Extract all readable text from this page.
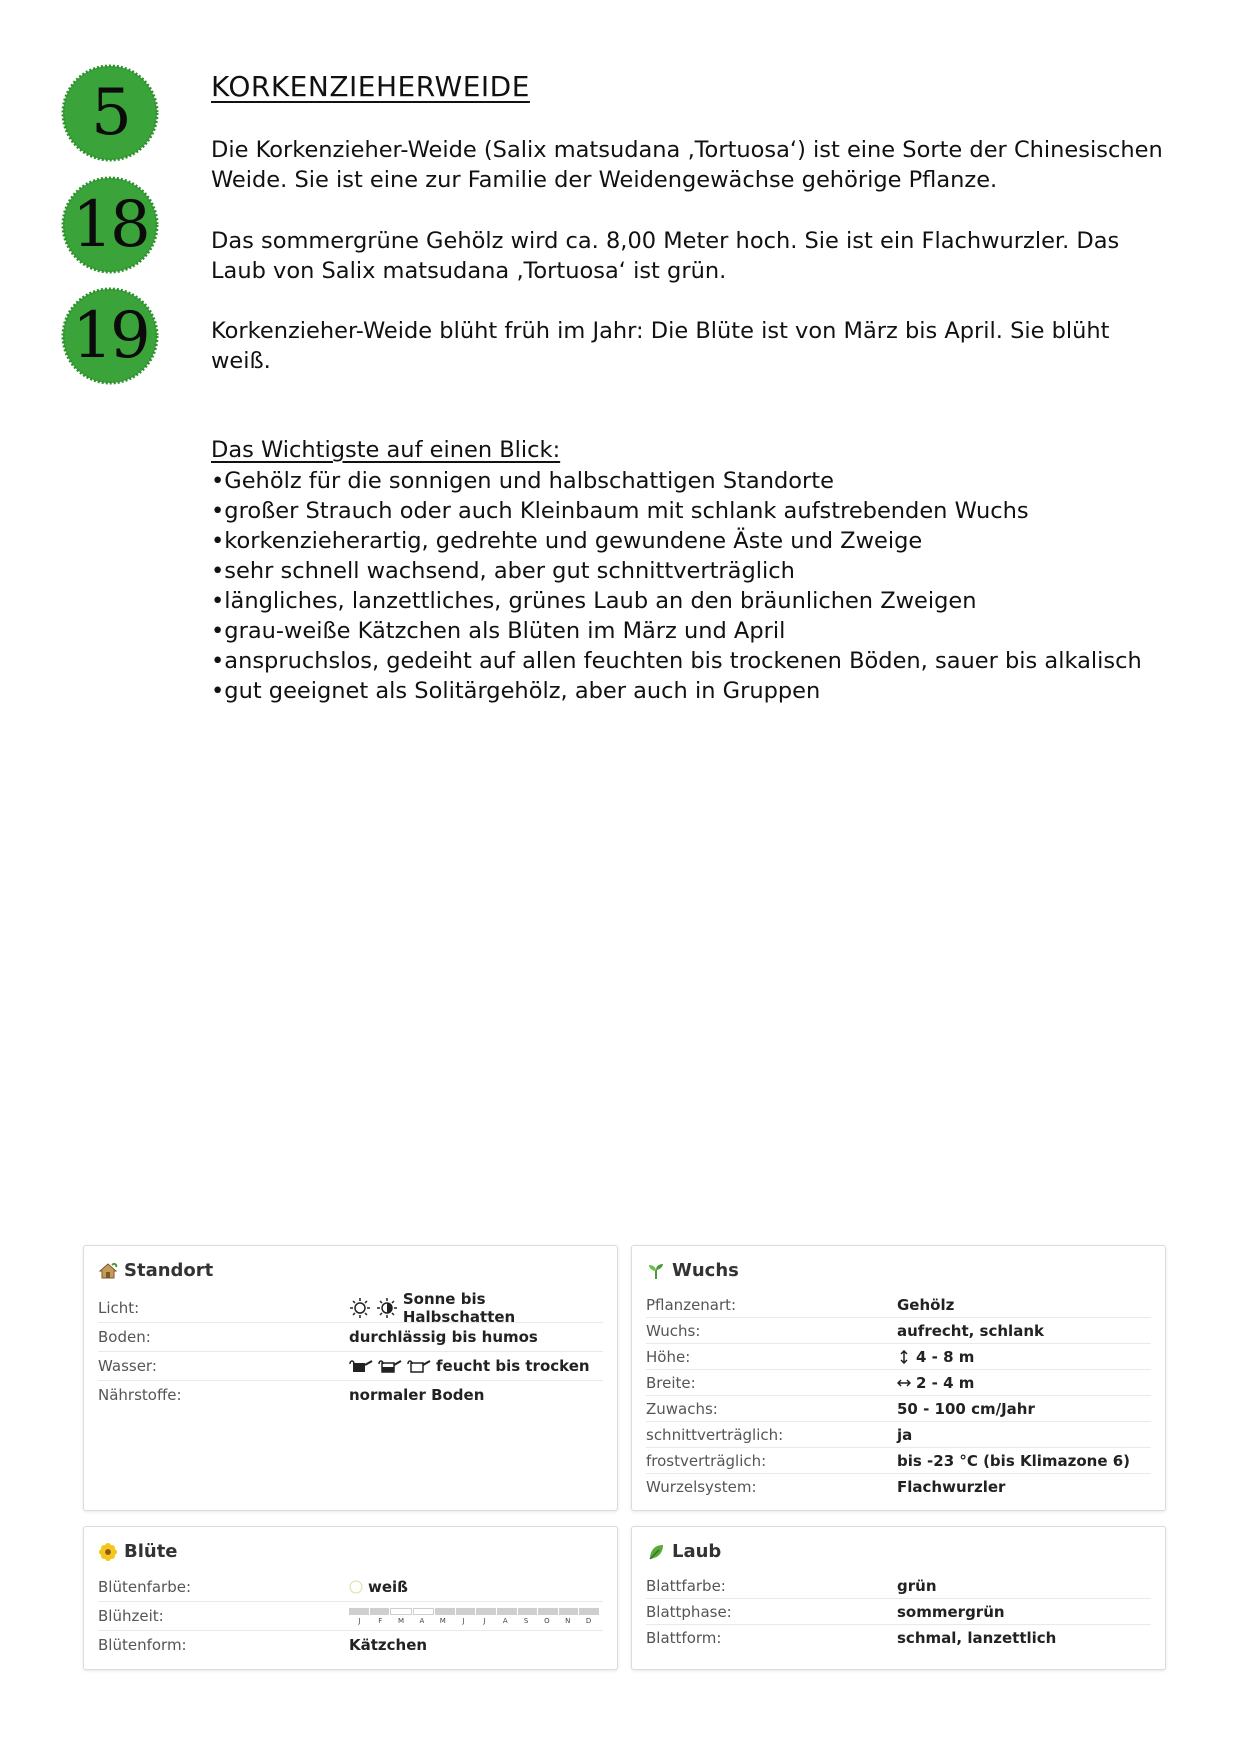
5
18
19
KORKENZIEHERWEIDE
Die Korkenzieher-Weide (Salix matsudana ‚Tortuosa‘) ist eine Sorte der Chinesischen Weide. Sie ist eine zur Familie der Weidengewächse gehörige Pflanze.
Das sommergrüne Gehölz wird ca. 8,00 Meter hoch. Sie ist ein Flachwurzler. Das Laub von Salix matsudana ‚Tortuosa‘ ist grün.
Korkenzieher-Weide blüht früh im Jahr: Die Blüte ist von März bis April. Sie blüht weiß.
Das Wichtigste auf einen Blick:
• Gehölz für die sonnigen und halbschattigen Standorte
• großer Strauch oder auch Kleinbaum mit schlank aufstrebenden Wuchs
• korkenzieherartig, gedrehte und gewundene Äste und Zweige
• sehr schnell wachsend, aber gut schnittverträglich
• längliches, lanzettliches, grünes Laub an den bräunlichen Zweigen
• grau-weiße Kätzchen als Blüten im März und April
• anspruchslos, gedeiht auf allen feuchten bis trockenen Böden, sauer bis alkalisch
• gut geeignet als Solitärgehölz, aber auch in Gruppen
Standort
Licht:	Sonne bis Halbschatten
Boden:	durchlässig bis humos
Wasser:	feucht bis trocken
Nährstoffe:	normaler Boden
Wuchs
Pflanzenart:	Gehölz
Wuchs:	aufrecht, schlank
Höhe:	4 - 8 m
Breite:	2 - 4 m
Zuwachs:	50 - 100 cm/Jahr
schnittverträglich:	ja
frostverträglich:	bis -23 °C (bis Klimazone 6)
Wurzelsystem:	Flachwurzler
Blüte
Blütenfarbe:	weiß
Blühzeit:	J	F	M	A	M	J	J	A	S	O	N	D
Blütenform:	Kätzchen
Laub
Blattfarbe:	grün
Blattphase:	sommergrün
Blattform:	schmal, lanzettlich
